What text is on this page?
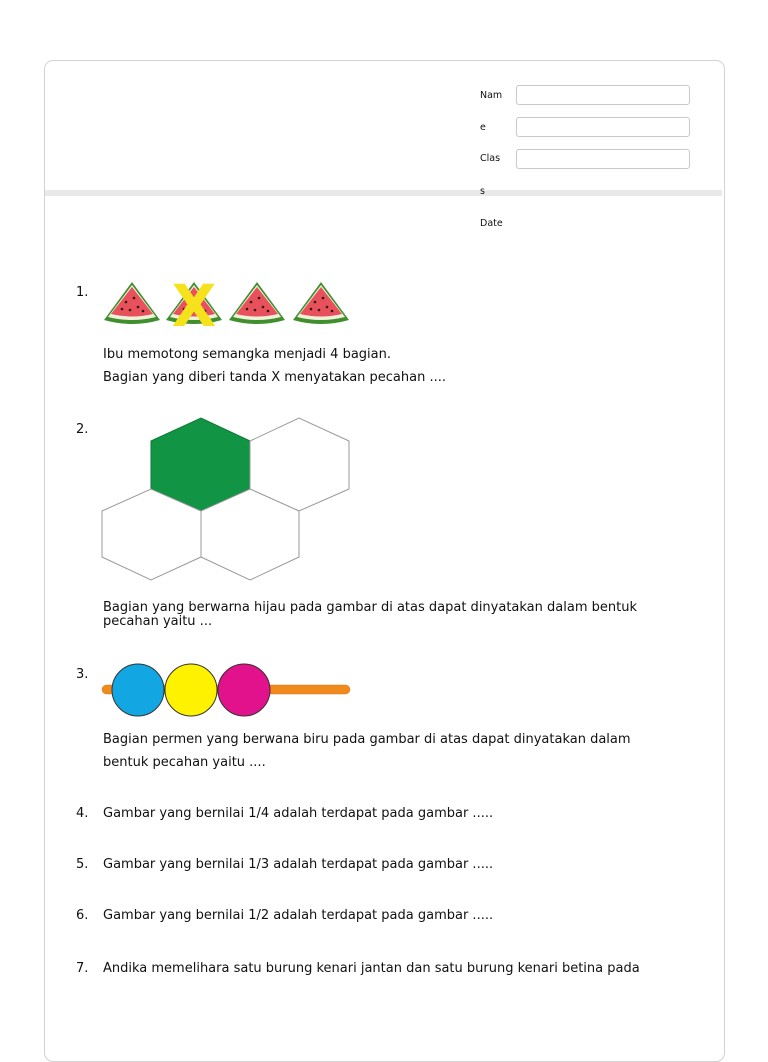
Nam
e
Clas
s
Date
1. X
Ibu memotong semangka menjadi 4 bagian.
Bagian yang diberi tanda X menyatakan pecahan ....
2.
Bagian yang berwarna hijau pada gambar di atas dapat dinyatakan dalam bentuk
pecahan yaitu ...
3.
Bagian permen yang berwana biru pada gambar di atas dapat dinyatakan dalam
bentuk pecahan yaitu ....
4. Gambar yang bernilai 1/4 adalah terdapat pada gambar .....
5. Gambar yang bernilai 1/3 adalah terdapat pada gambar .....
6. Gambar yang bernilai 1/2 adalah terdapat pada gambar .....
7. Andika memelihara satu burung kenari jantan dan satu burung kenari betina pada
